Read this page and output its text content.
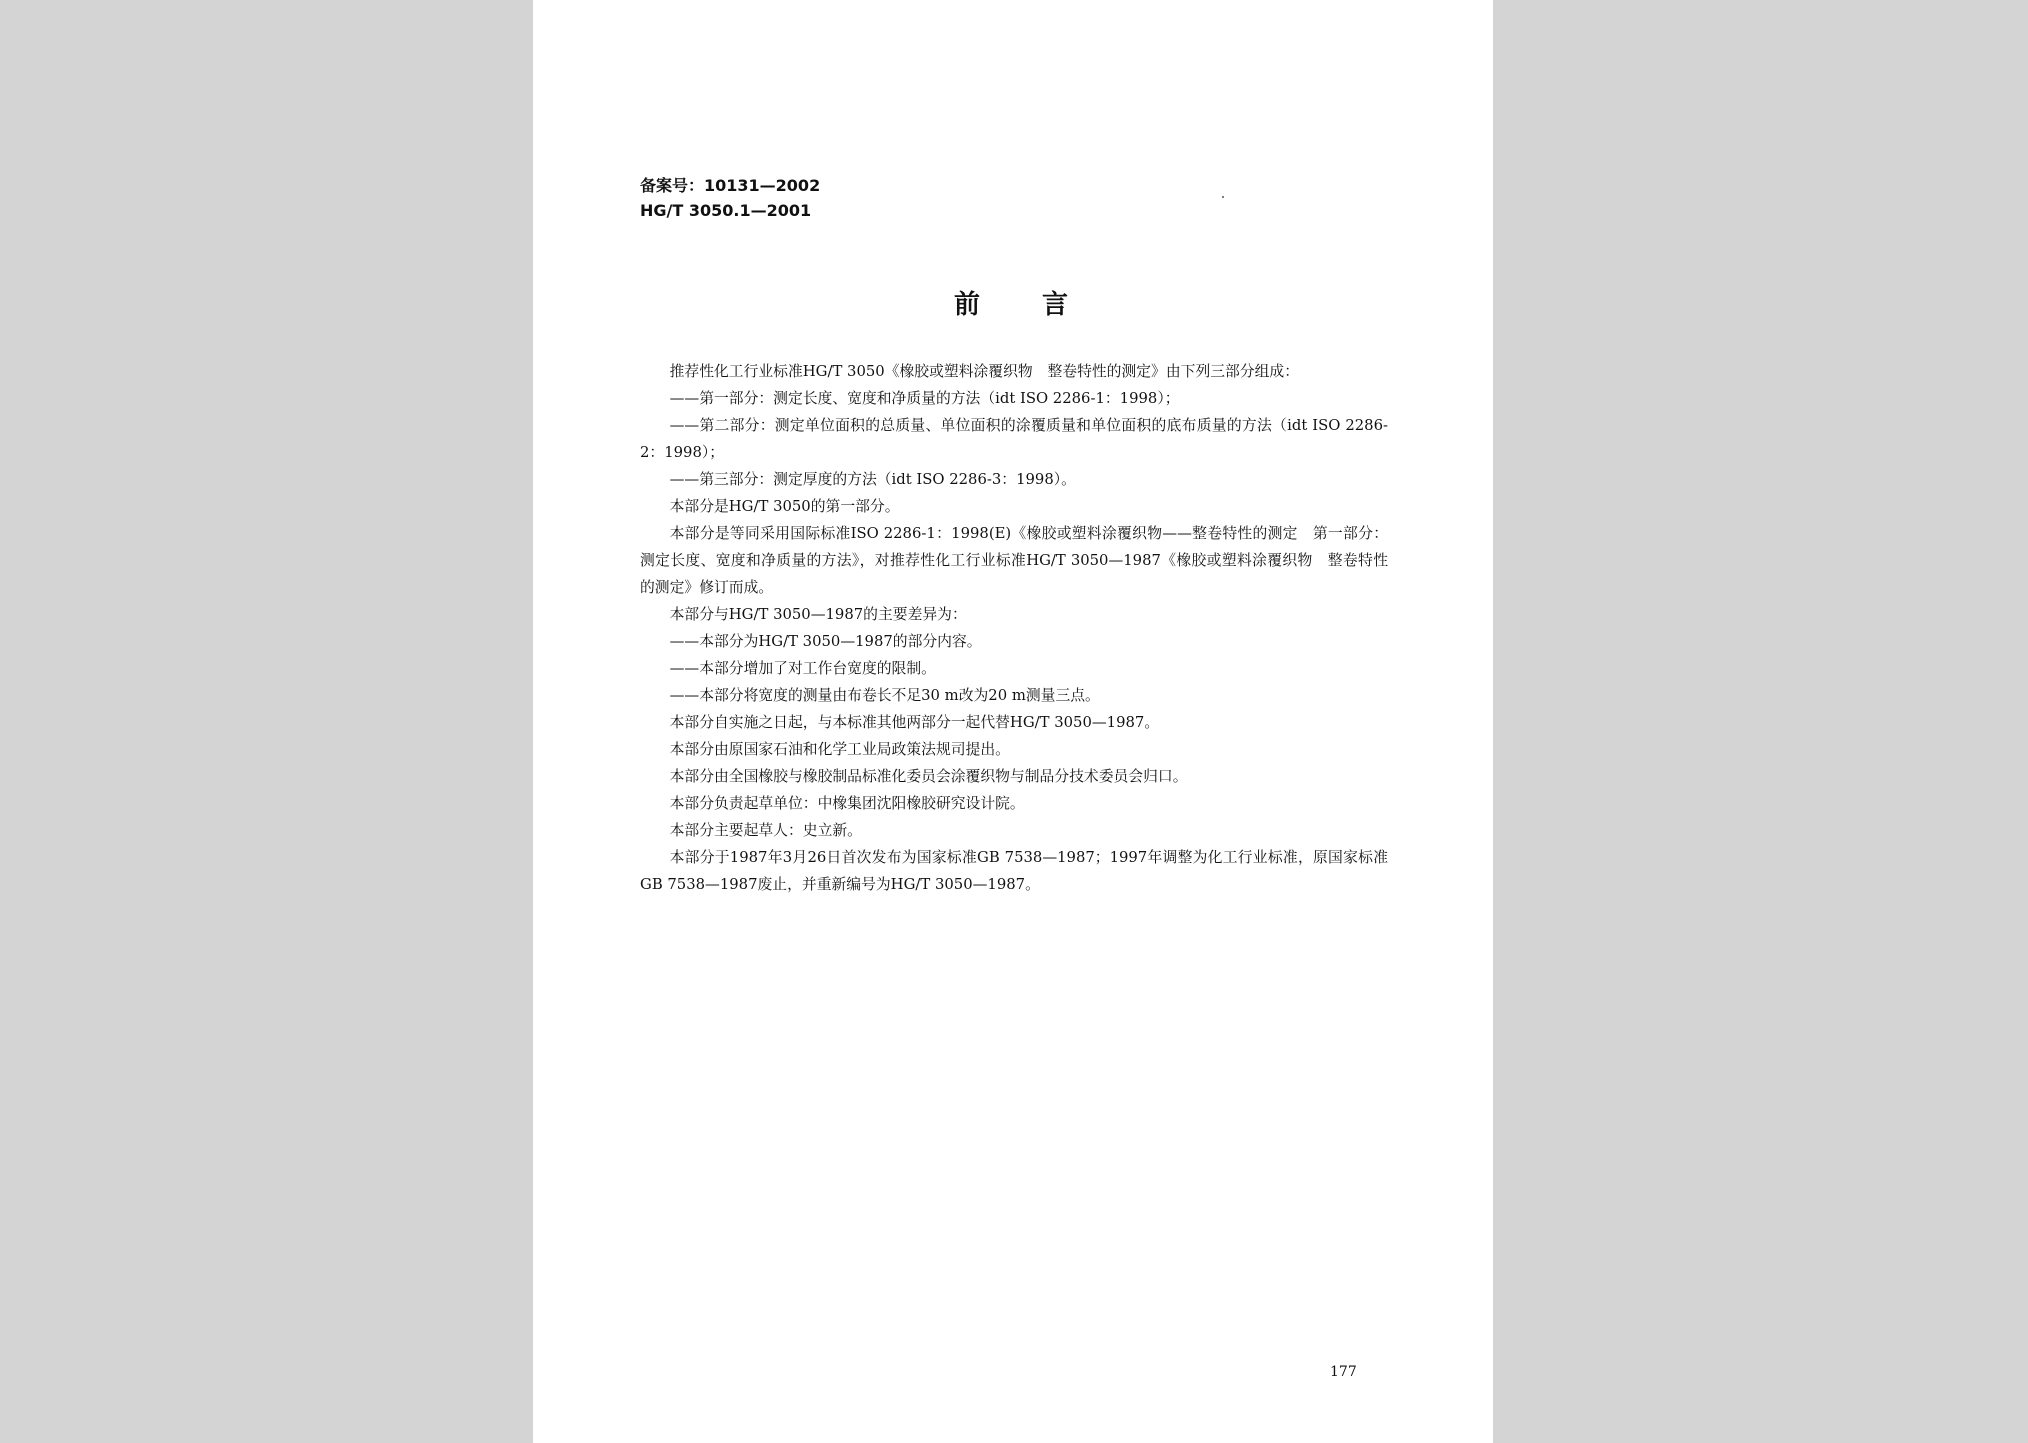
备案号：10131—2002
HG/T 3050.1—2001
前 言

推荐性化工行业标准HG/T 3050《橡胶或塑料涂覆织物　整卷特性的测定》由下列三部分组成：

——第一部分：测定长度、宽度和净质量的方法（idt ISO 2286-1：1998）；

——第二部分：测定单位面积的总质量、单位面积的涂覆质量和单位面积的底布质量的方法（idt ISO 2286-2：1998）；

——第三部分：测定厚度的方法（idt ISO 2286-3：1998）。

本部分是HG/T 3050的第一部分。

本部分是等同采用国际标准ISO 2286-1：1998(E)《橡胶或塑料涂覆织物——整卷特性的测定　第一部分：测定长度、宽度和净质量的方法》，对推荐性化工行业标准HG/T 3050—1987《橡胶或塑料涂覆织物　整卷特性的测定》修订而成。

本部分与HG/T 3050—1987的主要差异为：

——本部分为HG/T 3050—1987的部分内容。

——本部分增加了对工作台宽度的限制。

——本部分将宽度的测量由布卷长不足30 m改为20 m测量三点。

本部分自实施之日起，与本标准其他两部分一起代替HG/T 3050—1987。

本部分由原国家石油和化学工业局政策法规司提出。

本部分由全国橡胶与橡胶制品标准化委员会涂覆织物与制品分技术委员会归口。

本部分负责起草单位：中橡集团沈阳橡胶研究设计院。

本部分主要起草人：史立新。

本部分于1987年3月26日首次发布为国家标准GB 7538—1987；1997年调整为化工行业标准，原国家标准GB 7538—1987废止，并重新编号为HG/T 3050—1987。

177
